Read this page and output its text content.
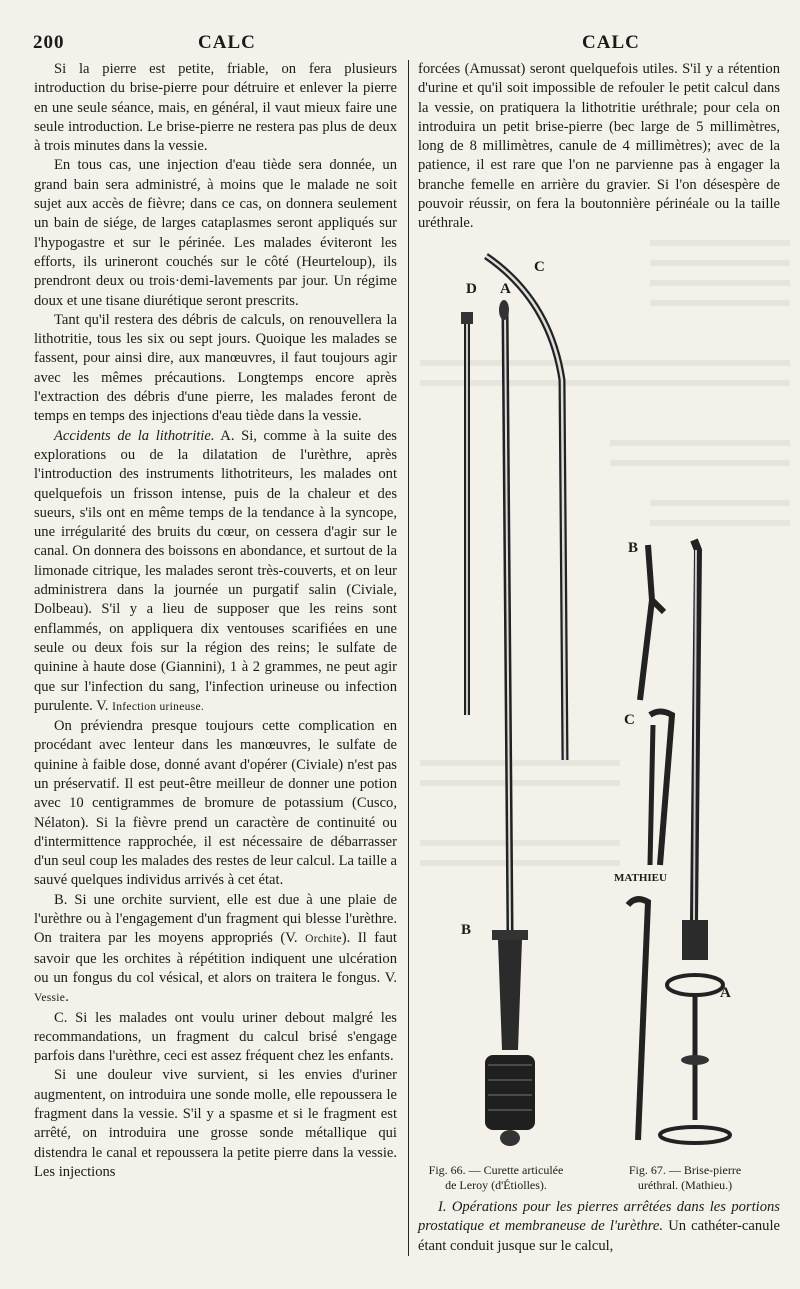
200	CALC	CALC

Si la pierre est petite, friable, on fera plusieurs introduction du brise-pierre pour détruire et enlever la pierre en une seule séance, mais, en général, il vaut mieux faire une seule introduction. Le brise-pierre ne restera pas plus de deux à trois minutes dans la vessie.

En tous cas, une injection d'eau tiède sera donnée, un grand bain sera administré, à moins que le malade ne soit sujet aux accès de fièvre; dans ce cas, on donnera seulement un bain de siége, de larges cataplasmes seront appliqués sur l'hypogastre et sur le périnée. Les malades éviteront les efforts, ils urineront couchés sur le côté (Heurteloup), ils prendront deux ou trois·demi-lavements par jour. Un régime doux et une tisane diurétique seront prescrits.

Tant qu'il restera des débris de calculs, on renouvellera la lithotritie, tous les six ou sept jours. Quoique les malades se fassent, pour ainsi dire, aux manœuvres, il faut toujours agir avec les mêmes précautions. Longtemps encore après l'extraction des débris d'une pierre, les malades feront de temps en temps des injections d'eau tiède dans la vessie.

Accidents de la lithotritie. A. Si, comme à la suite des explorations ou de la dilatation de l'urèthre, après l'introduction des instruments lithotriteurs, les malades ont quelquefois un frisson intense, puis de la chaleur et des sueurs, s'ils ont en même temps de la tendance à la syncope, une irrégularité des bruits du cœur, on cessera d'agir sur le canal. On donnera des boissons en abondance, et surtout de la limonade citrique, les malades seront très-couverts, et on leur administrera dans la journée un purgatif salin (Civiale, Dolbeau). S'il y a lieu de supposer que les reins sont enflammés, on appliquera dix ventouses scarifiées en une seule ou deux fois sur la région des reins; le sulfate de quinine à haute dose (Giannini), 1 à 2 grammes, ne peut agir que sur l'infection du sang, l'infection urineuse ou infection purulente. V. Infection urineuse.

On préviendra presque toujours cette complication en procédant avec lenteur dans les manœuvres, le sulfate de quinine à faible dose, donné avant d'opérer (Civiale) n'est pas un préservatif. Il est peut-être meilleur de donner une potion avec 10 centigrammes de bromure de potassium (Cusco, Nélaton). Si la fièvre prend un caractère de continuité ou d'intermittence rapprochée, il est nécessaire de débarrasser d'un seul coup les malades des restes de leur calcul. La taille a sauvé quelques individus arrivés à cet état.

B. Si une orchite survient, elle est due à une plaie de l'urèthre ou à l'engagement d'un fragment qui blesse l'urèthre. On traitera par les moyens appropriés (V. Orchite). Il faut savoir que les orchites à répétition indiquent une ulcération ou un fongus du col vésical, et alors on traitera le fongus. V. Vessie.

C. Si les malades ont voulu uriner debout malgré les recommandations, un fragment du calcul brisé s'engage parfois dans l'urèthre, ceci est assez fréquent chez les enfants.

Si une douleur vive survient, si les envies d'uriner augmentent, on introduira une sonde molle, elle repoussera le fragment dans la vessie. S'il y a spasme et si le fragment est arrêté, on introduira une grosse sonde métallique qui distendra le canal et repoussera la petite pierre dans la vessie. Les injections

forcées (Amussat) seront quelquefois utiles. S'il y a rétention d'urine et qu'il soit impossible de refouler le petit calcul dans la vessie, on pratiquera la lithotritie uréthrale; pour cela on introduira un petit brise-pierre (bec large de 5 millimètres, long de 8 millimètres, canule de 4 millimètres); avec de la patience, il est rare que l'on ne parvienne pas à engager la branche femelle en arrière du gravier. Si l'on désespère de pouvoir réussir, on fera la boutonnière périnéale ou la taille uréthrale.

D A
C
B
B
C
A
MATHIEU
Fig. 66. — Curette articulée
de Leroy (d'Étiolles).
Fig. 67. — Brise-pierre
uréthral. (Mathieu.)

I. Opérations pour les pierres arrêtées dans les portions prostatique et membraneuse de l'urèthre. Un cathéter-canule étant conduit jusque sur le calcul,
